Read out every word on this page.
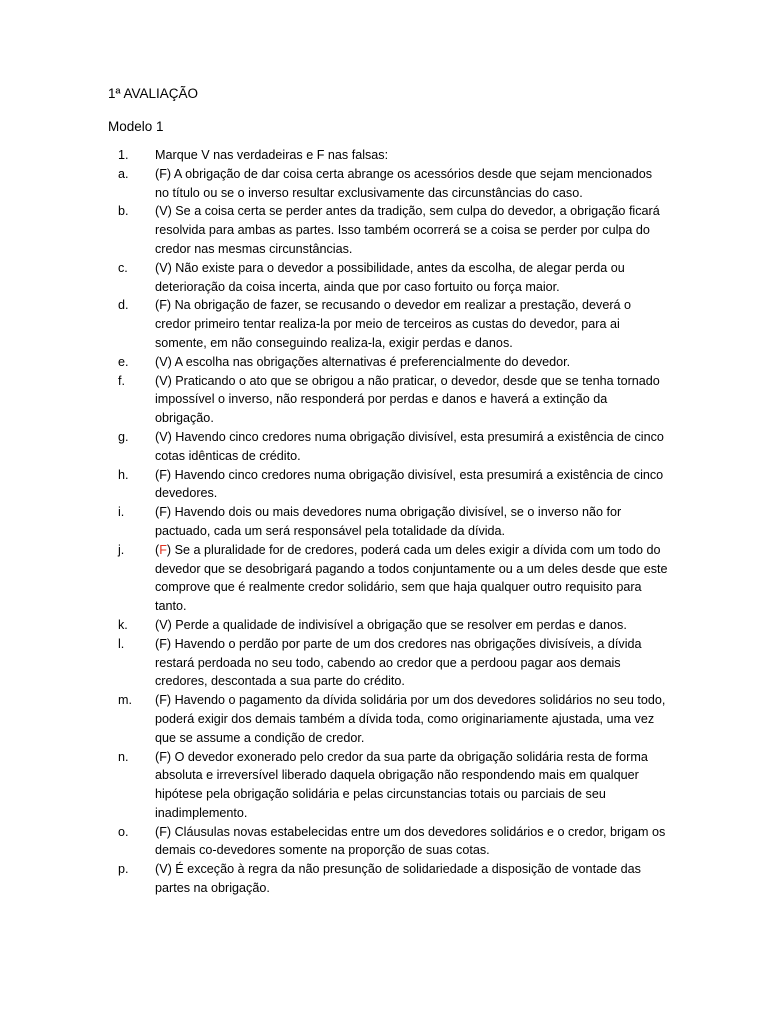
1ª AVALIAÇÃO
Modelo 1
1.	Marque V nas verdadeiras e F nas falsas:
a.	(F) A obrigação de dar coisa certa abrange os acessórios desde que sejam mencionados no título ou se o inverso resultar exclusivamente das circunstâncias do caso.
b.	(V) Se a coisa certa se perder antes da tradição, sem culpa do devedor, a obrigação ficará resolvida para ambas as partes. Isso também ocorrerá se a coisa se perder por culpa do credor nas mesmas circunstâncias.
c.	(V) Não existe para o devedor a possibilidade, antes da escolha, de alegar perda ou deterioração da coisa incerta, ainda que por caso fortuito ou força maior.
d.	(F) Na obrigação de fazer, se recusando o devedor em realizar a prestação, deverá o credor primeiro tentar realiza-la por meio de terceiros as custas do devedor, para ai somente, em não conseguindo realiza-la, exigir perdas e danos.
e.	(V) A escolha nas obrigações alternativas é preferencialmente do devedor.
f.	(V) Praticando o ato que se obrigou a não praticar, o devedor, desde que se tenha tornado impossível o inverso, não responderá por perdas e danos e haverá a extinção da obrigação.
g.	(V) Havendo cinco credores numa obrigação divisível, esta presumirá a existência de cinco cotas idênticas de crédito.
h.	(F) Havendo cinco credores numa obrigação divisível, esta presumirá a existência de cinco devedores.
i.	(F) Havendo dois ou mais devedores numa obrigação divisível, se o inverso não for pactuado, cada um será responsável pela totalidade da dívida.
j.	(F) Se a pluralidade for de credores, poderá cada um deles exigir a dívida com um todo do devedor que se desobrigará pagando a todos conjuntamente ou a um deles desde que este comprove que é realmente credor solidário, sem que haja qualquer outro requisito para tanto.
k.	(V) Perde a qualidade de indivisível a obrigação que se resolver em perdas e danos.
l.	(F) Havendo o perdão por parte de um dos credores nas obrigações divisíveis, a dívida restará perdoada no seu todo, cabendo ao credor que a perdoou pagar aos demais credores, descontada a sua parte do crédito.
m.	(F) Havendo o pagamento da dívida solidária por um dos devedores solidários no seu todo, poderá exigir dos demais também a dívida toda, como originariamente ajustada, uma vez que se assume a condição de credor.
n.	(F) O devedor exonerado pelo credor da sua parte da obrigação solidária resta de forma absoluta e irreversível liberado daquela obrigação não respondendo mais em qualquer hipótese pela obrigação solidária e pelas circunstancias totais ou parciais de seu inadimplemento.
o.	(F) Cláusulas novas estabelecidas entre um dos devedores solidários e o credor, brigam os demais co-devedores somente na proporção de suas cotas.
p.	(V) É exceção à regra da não presunção de solidariedade a disposição de vontade das partes na obrigação.
